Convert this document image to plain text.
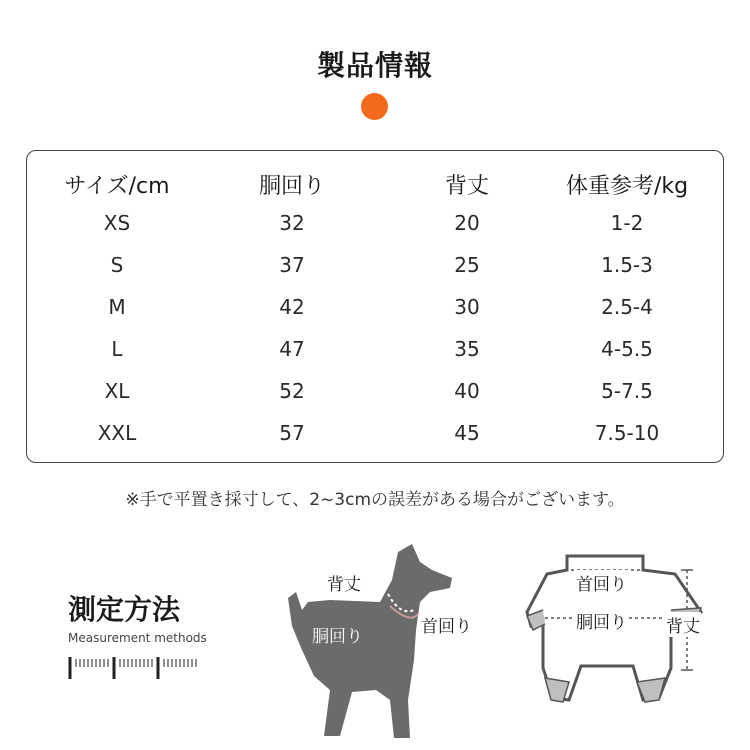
製品情報
サイズ/cm	胴回り	背丈	体重参考/kg
XS	32	20	1-2
S	37	25	1.5-3
M	42	30	2.5-4
L	47	35	4-5.5
XL	52	40	5-7.5
XXL	57	45	7.5-10
※手で平置き採寸して、2~3cmの誤差がある場合がございます。
測定方法
Measurement methods
背丈
首回り
胴回り
首回り
胴回り 背丈
